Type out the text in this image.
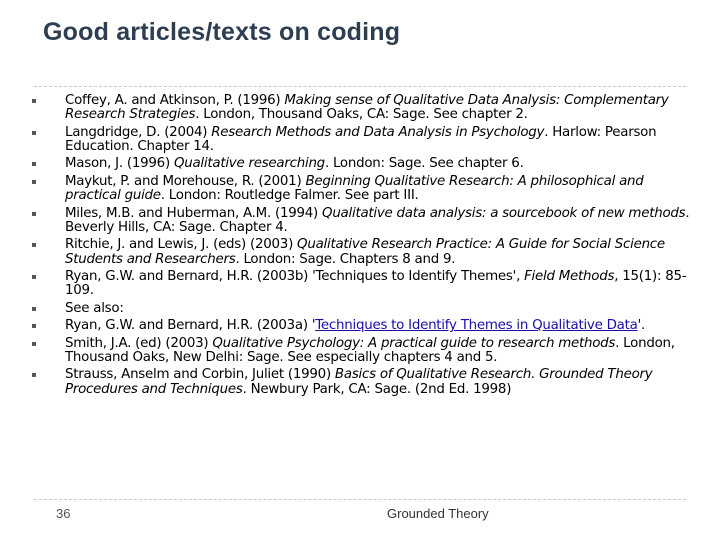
Good articles/texts on coding
▪ Coffey, A. and Atkinson, P. (1996) Making sense of Qualitative Data Analysis: Complementary Research Strategies. London, Thousand Oaks, CA: Sage. See chapter 2.
▪ Langdridge, D. (2004) Research Methods and Data Analysis in Psychology. Harlow: Pearson Education. Chapter 14.
▪ Mason, J. (1996) Qualitative researching. London: Sage. See chapter 6.
▪ Maykut, P. and Morehouse, R. (2001) Beginning Qualitative Research: A philosophical and practical guide. London: Routledge Falmer. See part III.
▪ Miles, M.B. and Huberman, A.M. (1994) Qualitative data analysis: a sourcebook of new methods. Beverly Hills, CA: Sage. Chapter 4.
▪ Ritchie, J. and Lewis, J. (eds) (2003) Qualitative Research Practice: A Guide for Social Science Students and Researchers. London: Sage. Chapters 8 and 9.
▪ Ryan, G.W. and Bernard, H.R. (2003b) 'Techniques to Identify Themes', Field Methods, 15(1): 85-109.
▪ See also:
▪ Ryan, G.W. and Bernard, H.R. (2003a) 'Techniques to Identify Themes in Qualitative Data'.
▪ Smith, J.A. (ed) (2003) Qualitative Psychology: A practical guide to research methods. London, Thousand Oaks, New Delhi: Sage. See especially chapters 4 and 5.
▪ Strauss, Anselm and Corbin, Juliet (1990) Basics of Qualitative Research. Grounded Theory Procedures and Techniques. Newbury Park, CA: Sage. (2nd Ed. 1998)
36	Grounded Theory
